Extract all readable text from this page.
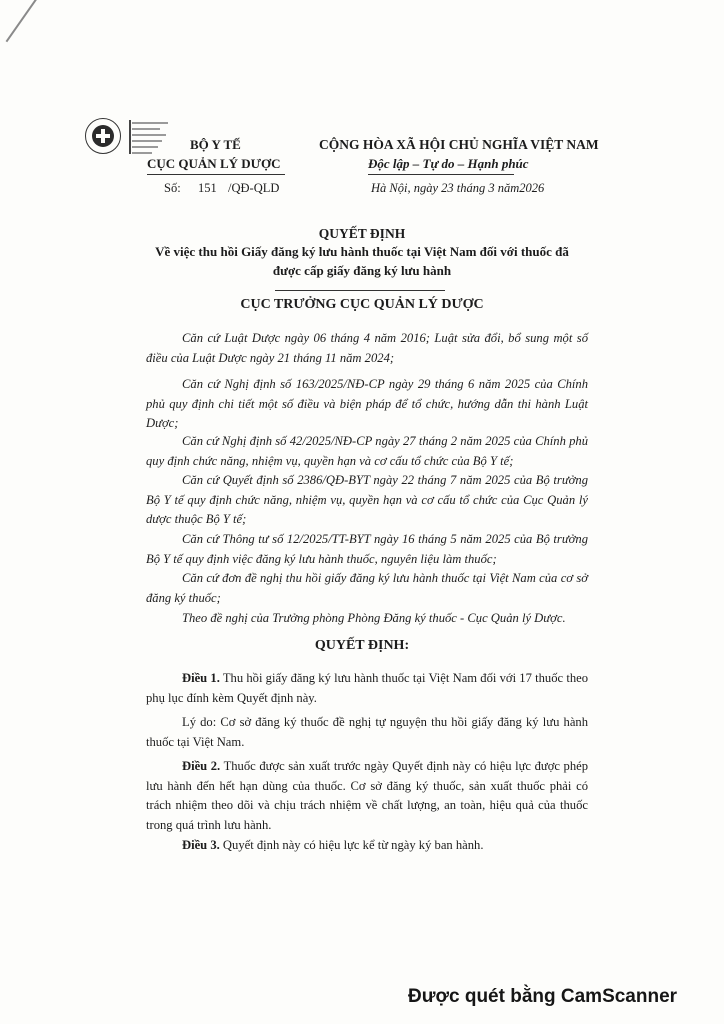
BỘ Y TẾ
CỤC QUẢN LÝ DƯỢC
Số: 151 /QĐ-QLD
CỘNG HÒA XÃ HỘI CHỦ NGHĨA VIỆT NAM
Độc lập – Tự do – Hạnh phúc
Hà Nội, ngày 23 tháng 3 năm2026
QUYẾT ĐỊNH
Về việc thu hồi Giấy đăng ký lưu hành thuốc tại Việt Nam đối với thuốc đã
được cấp giấy đăng ký lưu hành
CỤC TRƯỞNG CỤC QUẢN LÝ DƯỢC
Căn cứ Luật Dược ngày 06 tháng 4 năm 2016; Luật sửa đổi, bổ sung một số điều của Luật Dược ngày 21 tháng 11 năm 2024;
Căn cứ Nghị định số 163/2025/NĐ-CP ngày 29 tháng 6 năm 2025 của Chính phủ quy định chi tiết một số điều và biện pháp để tổ chức, hướng dẫn thi hành Luật Dược;
Căn cứ Nghị định số 42/2025/NĐ-CP ngày 27 tháng 2 năm 2025 của Chính phủ quy định chức năng, nhiệm vụ, quyền hạn và cơ cấu tổ chức của Bộ Y tế;
Căn cứ Quyết định số 2386/QĐ-BYT ngày 22 tháng 7 năm 2025 của Bộ trưởng Bộ Y tế quy định chức năng, nhiệm vụ, quyền hạn và cơ cấu tổ chức của Cục Quản lý dược thuộc Bộ Y tế;
Căn cứ Thông tư số 12/2025/TT-BYT ngày 16 tháng 5 năm 2025 của Bộ trưởng Bộ Y tế quy định việc đăng ký lưu hành thuốc, nguyên liệu làm thuốc;
Căn cứ đơn đề nghị thu hồi giấy đăng ký lưu hành thuốc tại Việt Nam của cơ sở đăng ký thuốc;
Theo đề nghị của Trưởng phòng Phòng Đăng ký thuốc - Cục Quản lý Dược.
QUYẾT ĐỊNH:
Điều 1. Thu hồi giấy đăng ký lưu hành thuốc tại Việt Nam đối với 17 thuốc theo phụ lục đính kèm Quyết định này.
Lý do: Cơ sở đăng ký thuốc đề nghị tự nguyện thu hồi giấy đăng ký lưu hành thuốc tại Việt Nam.
Điều 2. Thuốc được sản xuất trước ngày Quyết định này có hiệu lực được phép lưu hành đến hết hạn dùng của thuốc. Cơ sở đăng ký thuốc, sản xuất thuốc phải có trách nhiệm theo dõi và chịu trách nhiệm về chất lượng, an toàn, hiệu quả của thuốc trong quá trình lưu hành.
Điều 3. Quyết định này có hiệu lực kể từ ngày ký ban hành.
Được quét bằng CamScanner
